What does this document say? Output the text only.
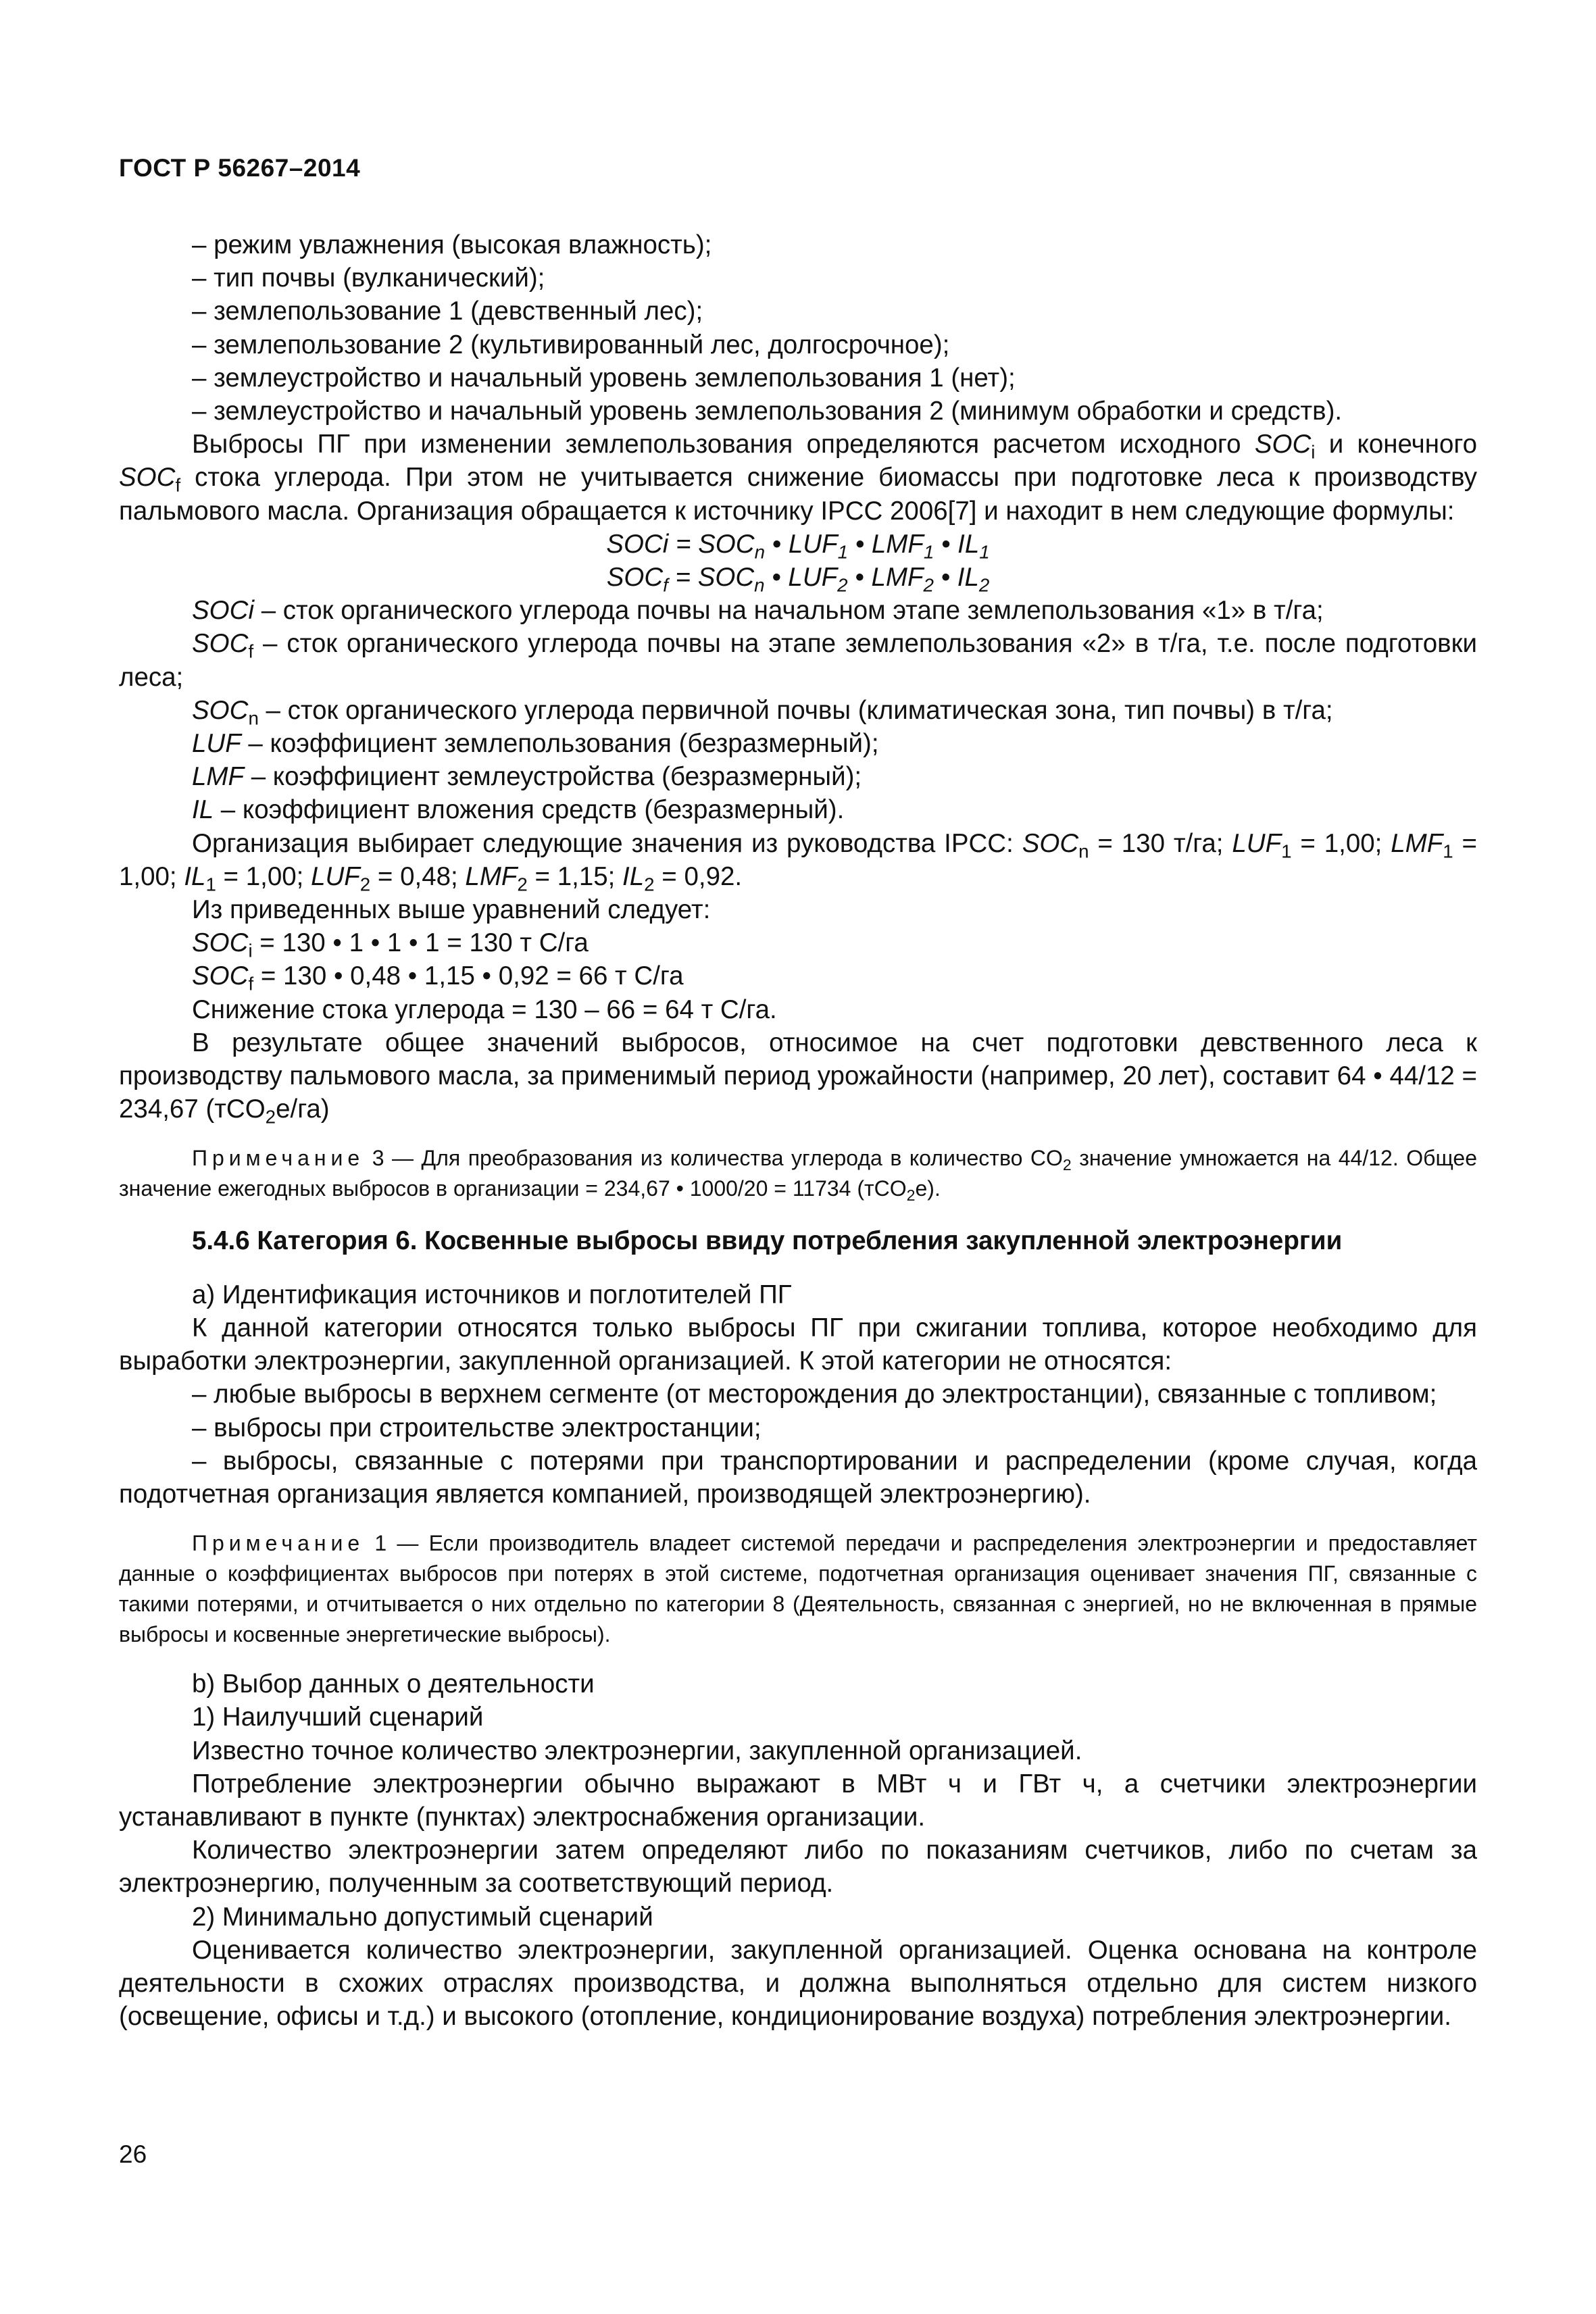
ГОСТ Р 56267–2014

– режим увлажнения (высокая влажность);

– тип почвы (вулканический);

– землепользование 1 (девственный лес);

– землепользование 2 (культивированный лес, долгосрочное);

– землеустройство и начальный уровень землепользования 1 (нет);

– землеустройство и начальный уровень землепользования 2 (минимум обработки и средств).

Выбросы ПГ при изменении землепользования определяются расчетом исходного $SOC_i$ и конечного $SOC_f$ стока углерода. При этом не учитывается снижение биомассы при подготовке леса к производству пальмового масла. Организация обращается к источнику IPCC 2006[7] и находит в нем следующие формулы:

SOCi = $SOC_n$ • $LUF_1$ • $LMF_1$ • $IL_1$

$SOC_f = SOC_n$ • $LUF_2$ • $LMF_2$ • $IL_2$

SOCi – сток органического углерода почвы на начальном этапе землепользования «1» в т/га;

$SOC_f$ – сток органического углерода почвы на этапе землепользования «2» в т/га, т.е. после подготовки леса;

$SOC_n$ – сток органического углерода первичной почвы (климатическая зона, тип почвы) в т/га;

LUF – коэффициент землепользования (безразмерный);

LMF – коэффициент землеустройства (безразмерный);

IL – коэффициент вложения средств (безразмерный).

Организация выбирает следующие значения из руководства IPCC: $SOC_n = 130$ т/га; $LUF_1 = 1,00$; $LMF_1 = 1,00$; $IL_1 = 1,00$; $LUF_2 = 0,48$; $LMF_2 = 1,15$; $IL_2 = 0,92$.

Из приведенных выше уравнений следует:

$SOC_i = 130$ • 1 • 1 • 1 = 130 т С/га

$SOC_f = 130$ • 0,48 • 1,15 • 0,92 = 66 т С/га

Снижение стока углерода = 130 – 66 = 64 т С/га.

В результате общее значений выбросов, относимое на счет подготовки девственного леса к производству пальмового масла, за применимый период урожайности (например, 20 лет), составит 64 • 44/12 = 234,67 (тCO$_2$е/га)

Примечание 3 — Для преобразования из количества углерода в количество $CO_2$ значение умножается на 44/12. Общее значение ежегодных выбросов в организации = 234,67 • 1000/20 = 11734 (тCO$_2$е).

5.4.6 Категория 6. Косвенные выбросы ввиду потребления закупленной электроэнергии

а) Идентификация источников и поглотителей ПГ

К данной категории относятся только выбросы ПГ при сжигании топлива, которое необходимо для выработки электроэнергии, закупленной организацией. К этой категории не относятся:

– любые выбросы в верхнем сегменте (от месторождения до электростанции), связанные с топливом;

– выбросы при строительстве электростанции;

– выбросы, связанные с потерями при транспортировании и распределении (кроме случая, когда подотчетная организация является компанией, производящей электроэнергию).

Примечание 1 — Если производитель владеет системой передачи и распределения электроэнергии и предоставляет данные о коэффициентах выбросов при потерях в этой системе, подотчетная организация оценивает значения ПГ, связанные с такими потерями, и отчитывается о них отдельно по категории 8 (Деятельность, связанная с энергией, но не включенная в прямые выбросы и косвенные энергетические выбросы).

b) Выбор данных о деятельности

1) Наилучший сценарий

Известно точное количество электроэнергии, закупленной организацией.

Потребление электроэнергии обычно выражают в МВт ч и ГВт ч, а счетчики электроэнергии устанавливают в пункте (пунктах) электроснабжения организации.

Количество электроэнергии затем определяют либо по показаниям счетчиков, либо по счетам за электроэнергию, полученным за соответствующий период.

2) Минимально допустимый сценарий

Оценивается количество электроэнергии, закупленной организацией. Оценка основана на контроле деятельности в схожих отраслях производства, и должна выполняться отдельно для систем низкого (освещение, офисы и т.д.) и высокого (отопление, кондиционирование воздуха) потребления электроэнергии.

26
